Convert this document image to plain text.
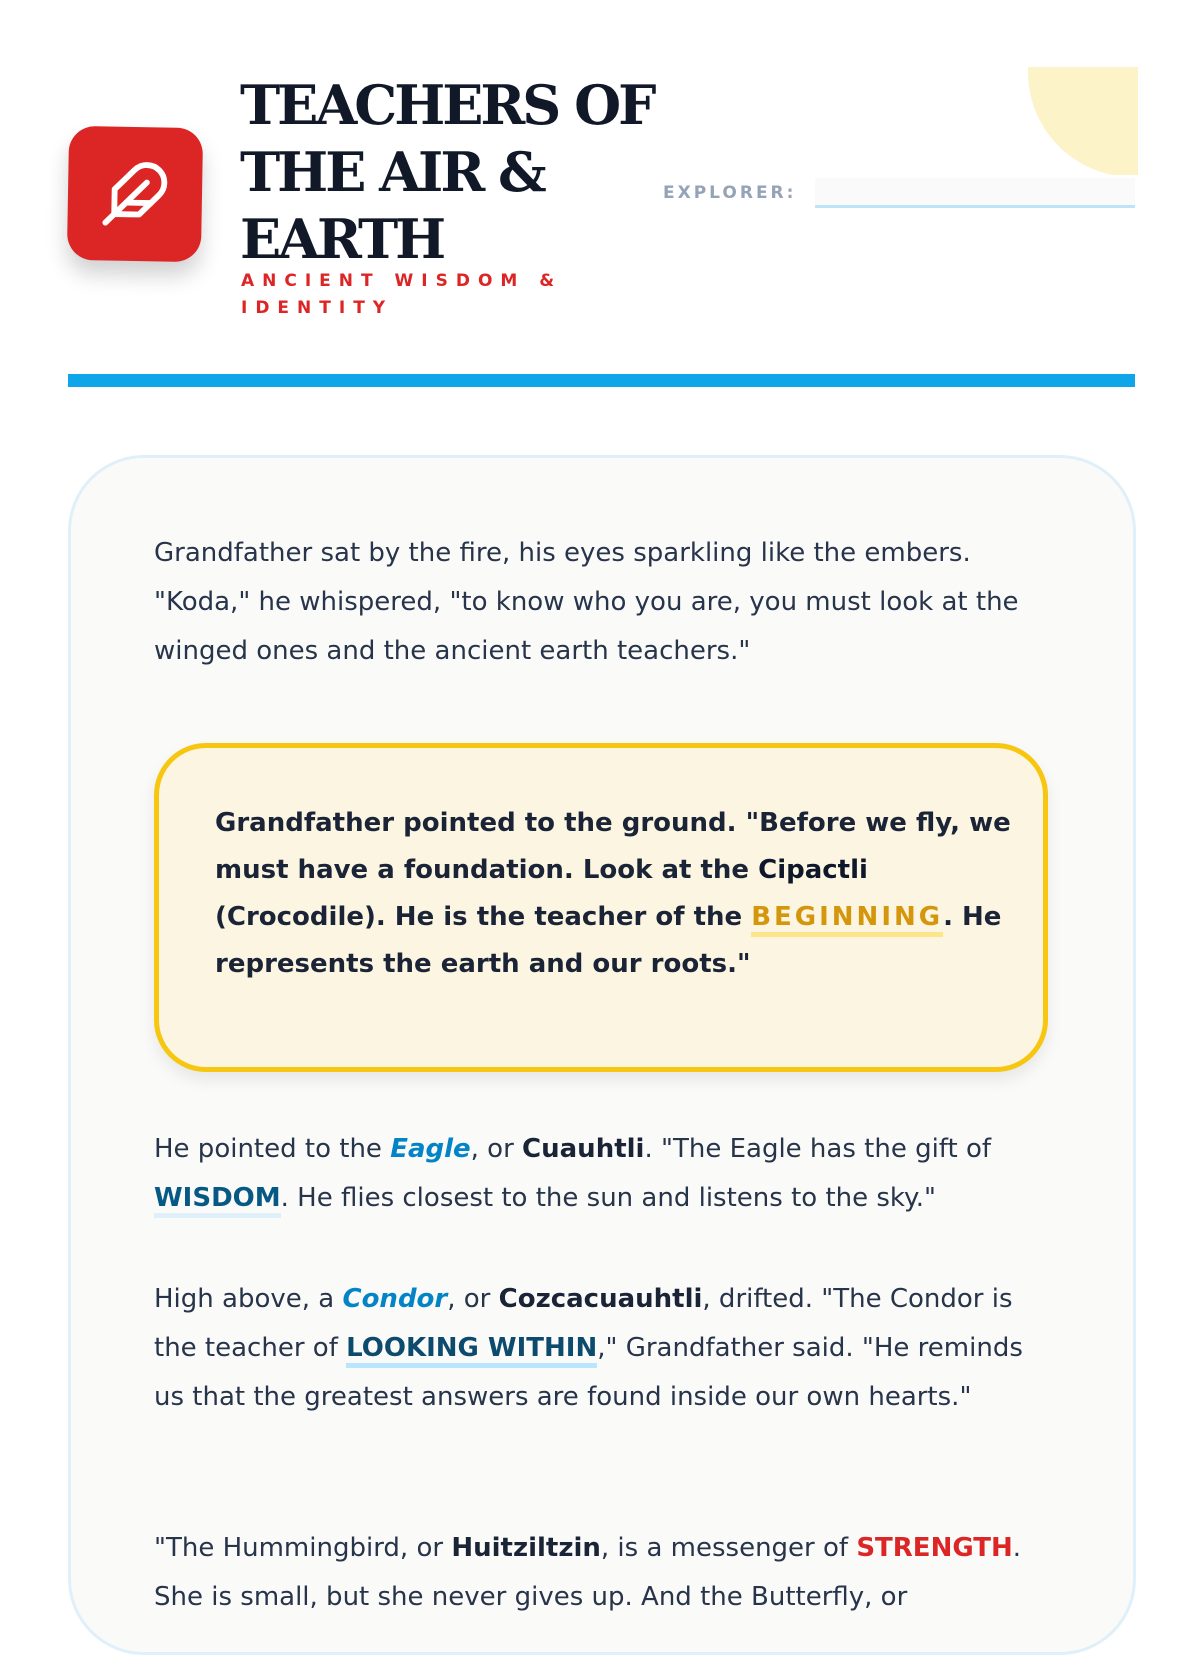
TEACHERS OF THE AIR & EARTH

ANCIENT WISDOM & IDENTITY

EXPLORER:

Grandfather sat by the fire, his eyes sparkling like the embers. "Koda," he whispered, "to know who you are, you must look at the winged ones and the ancient earth teachers."

Grandfather pointed to the ground. "Before we fly, we must have a foundation. Look at the Cipactli (Crocodile). He is the teacher of the BEGINNING. He represents the earth and our roots."

He pointed to the Eagle, or Cuauhtli. "The Eagle has the gift of WISDOM. He flies closest to the sun and listens to the sky."

High above, a Condor, or Cozcacuauhtli, drifted. "The Condor is the teacher of LOOKING WITHIN," Grandfather said. "He reminds us that the greatest answers are found inside our own hearts."

"The Hummingbird, or Huitziltzin, is a messenger of STRENGTH. She is small, but she never gives up. And the Butterfly, or
